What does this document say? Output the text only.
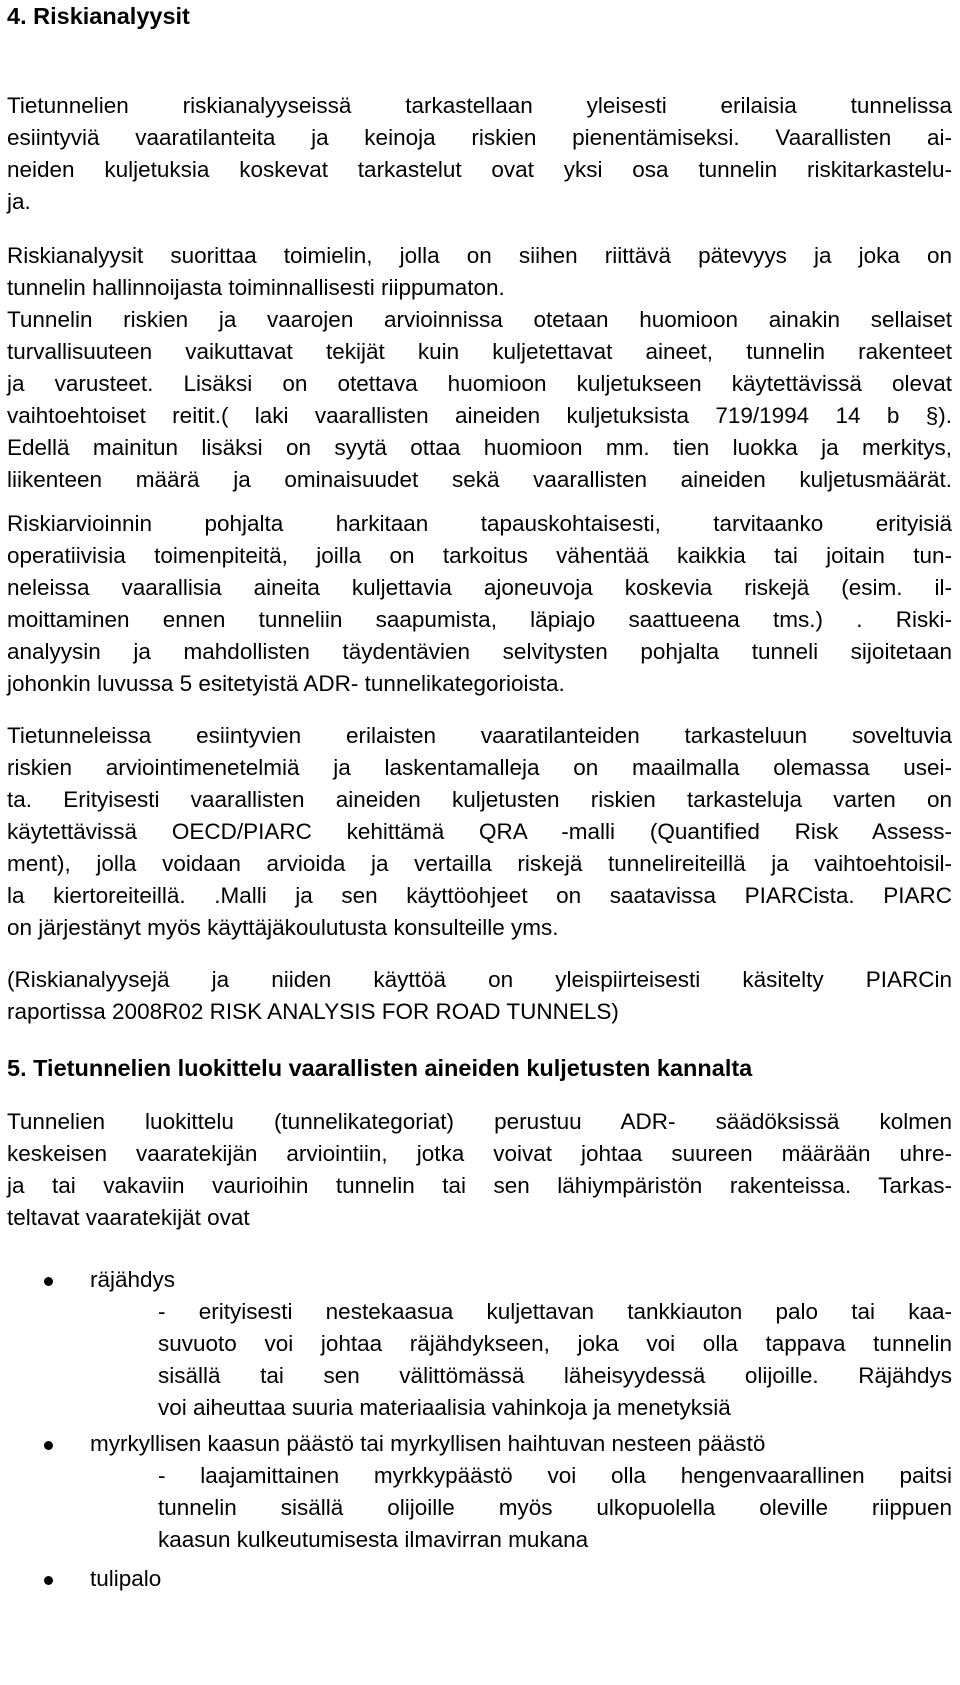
4. Riskianalyysit

Tietunnelien riskianalyyseissä tarkastellaan yleisesti erilaisia tunnelissa

esiintyviä vaaratilanteita ja keinoja riskien pienentämiseksi. Vaarallisten ai-

neiden kuljetuksia koskevat tarkastelut ovat yksi osa tunnelin riskitarkastelu-

ja.

Riskianalyysit suorittaa toimielin, jolla on siihen riittävä pätevyys ja joka on

tunnelin hallinnoijasta toiminnallisesti riippumaton.

Tunnelin riskien ja vaarojen arvioinnissa otetaan huomioon ainakin sellaiset

turvallisuuteen vaikuttavat tekijät kuin kuljetettavat aineet, tunnelin rakenteet

ja varusteet. Lisäksi on otettava huomioon kuljetukseen käytettävissä olevat

vaihtoehtoiset reitit.( laki vaarallisten aineiden kuljetuksista 719/1994 14 b §).

Edellä mainitun lisäksi on syytä ottaa huomioon mm. tien luokka ja merkitys,

liikenteen määrä ja ominaisuudet sekä vaarallisten aineiden kuljetusmäärät.

Riskiarvioinnin pohjalta harkitaan tapauskohtaisesti, tarvitaanko erityisiä

operatiivisia toimenpiteitä, joilla on tarkoitus vähentää kaikkia tai joitain tun-

neleissa vaarallisia aineita kuljettavia ajoneuvoja koskevia riskejä (esim. il-

moittaminen ennen tunneliin saapumista, läpiajo saattueena tms.) . Riski-

analyysin ja mahdollisten täydentävien selvitysten pohjalta tunneli sijoitetaan

johonkin luvussa 5 esitetyistä ADR- tunnelikategorioista.

Tietunneleissa esiintyvien erilaisten vaaratilanteiden tarkasteluun soveltuvia

riskien arviointimenetelmiä ja laskentamalleja on maailmalla olemassa usei-

ta. Erityisesti vaarallisten aineiden kuljetusten riskien tarkasteluja varten on

käytettävissä OECD/PIARC kehittämä QRA -malli (Quantified Risk Assess-

ment), jolla voidaan arvioida ja vertailla riskejä tunnelireiteillä ja vaihtoehtoisil-

la kiertoreiteillä. .Malli ja sen käyttöohjeet on saatavissa PIARCista. PIARC

on järjestänyt myös käyttäjäkoulutusta konsulteille yms.

(Riskianalyysejä ja niiden käyttöä on yleispiirteisesti käsitelty PIARCin

raportissa 2008R02 RISK ANALYSIS FOR ROAD TUNNELS)

5. Tietunnelien luokittelu vaarallisten aineiden kuljetusten kannalta

Tunnelien luokittelu (tunnelikategoriat) perustuu ADR- säädöksissä kolmen

keskeisen vaaratekijän arviointiin, jotka voivat johtaa suureen määrään uhre-

ja tai vakaviin vaurioihin tunnelin tai sen lähiympäristön rakenteissa. Tarkas-

teltavat vaaratekijät ovat

räjähdys

- erityisesti nestekaasua kuljettavan tankkiauton palo tai kaa-

suvuoto voi johtaa räjähdykseen, joka voi olla tappava tunnelin

sisällä tai sen välittömässä läheisyydessä olijoille. Räjähdys

voi aiheuttaa suuria materiaalisia vahinkoja ja menetyksiä

myrkyllisen kaasun päästö tai myrkyllisen haihtuvan nesteen päästö

- laajamittainen myrkkypäästö voi olla hengenvaarallinen paitsi

tunnelin sisällä olijoille myös ulkopuolella oleville riippuen

kaasun kulkeutumisesta ilmavirran mukana

tulipalo
